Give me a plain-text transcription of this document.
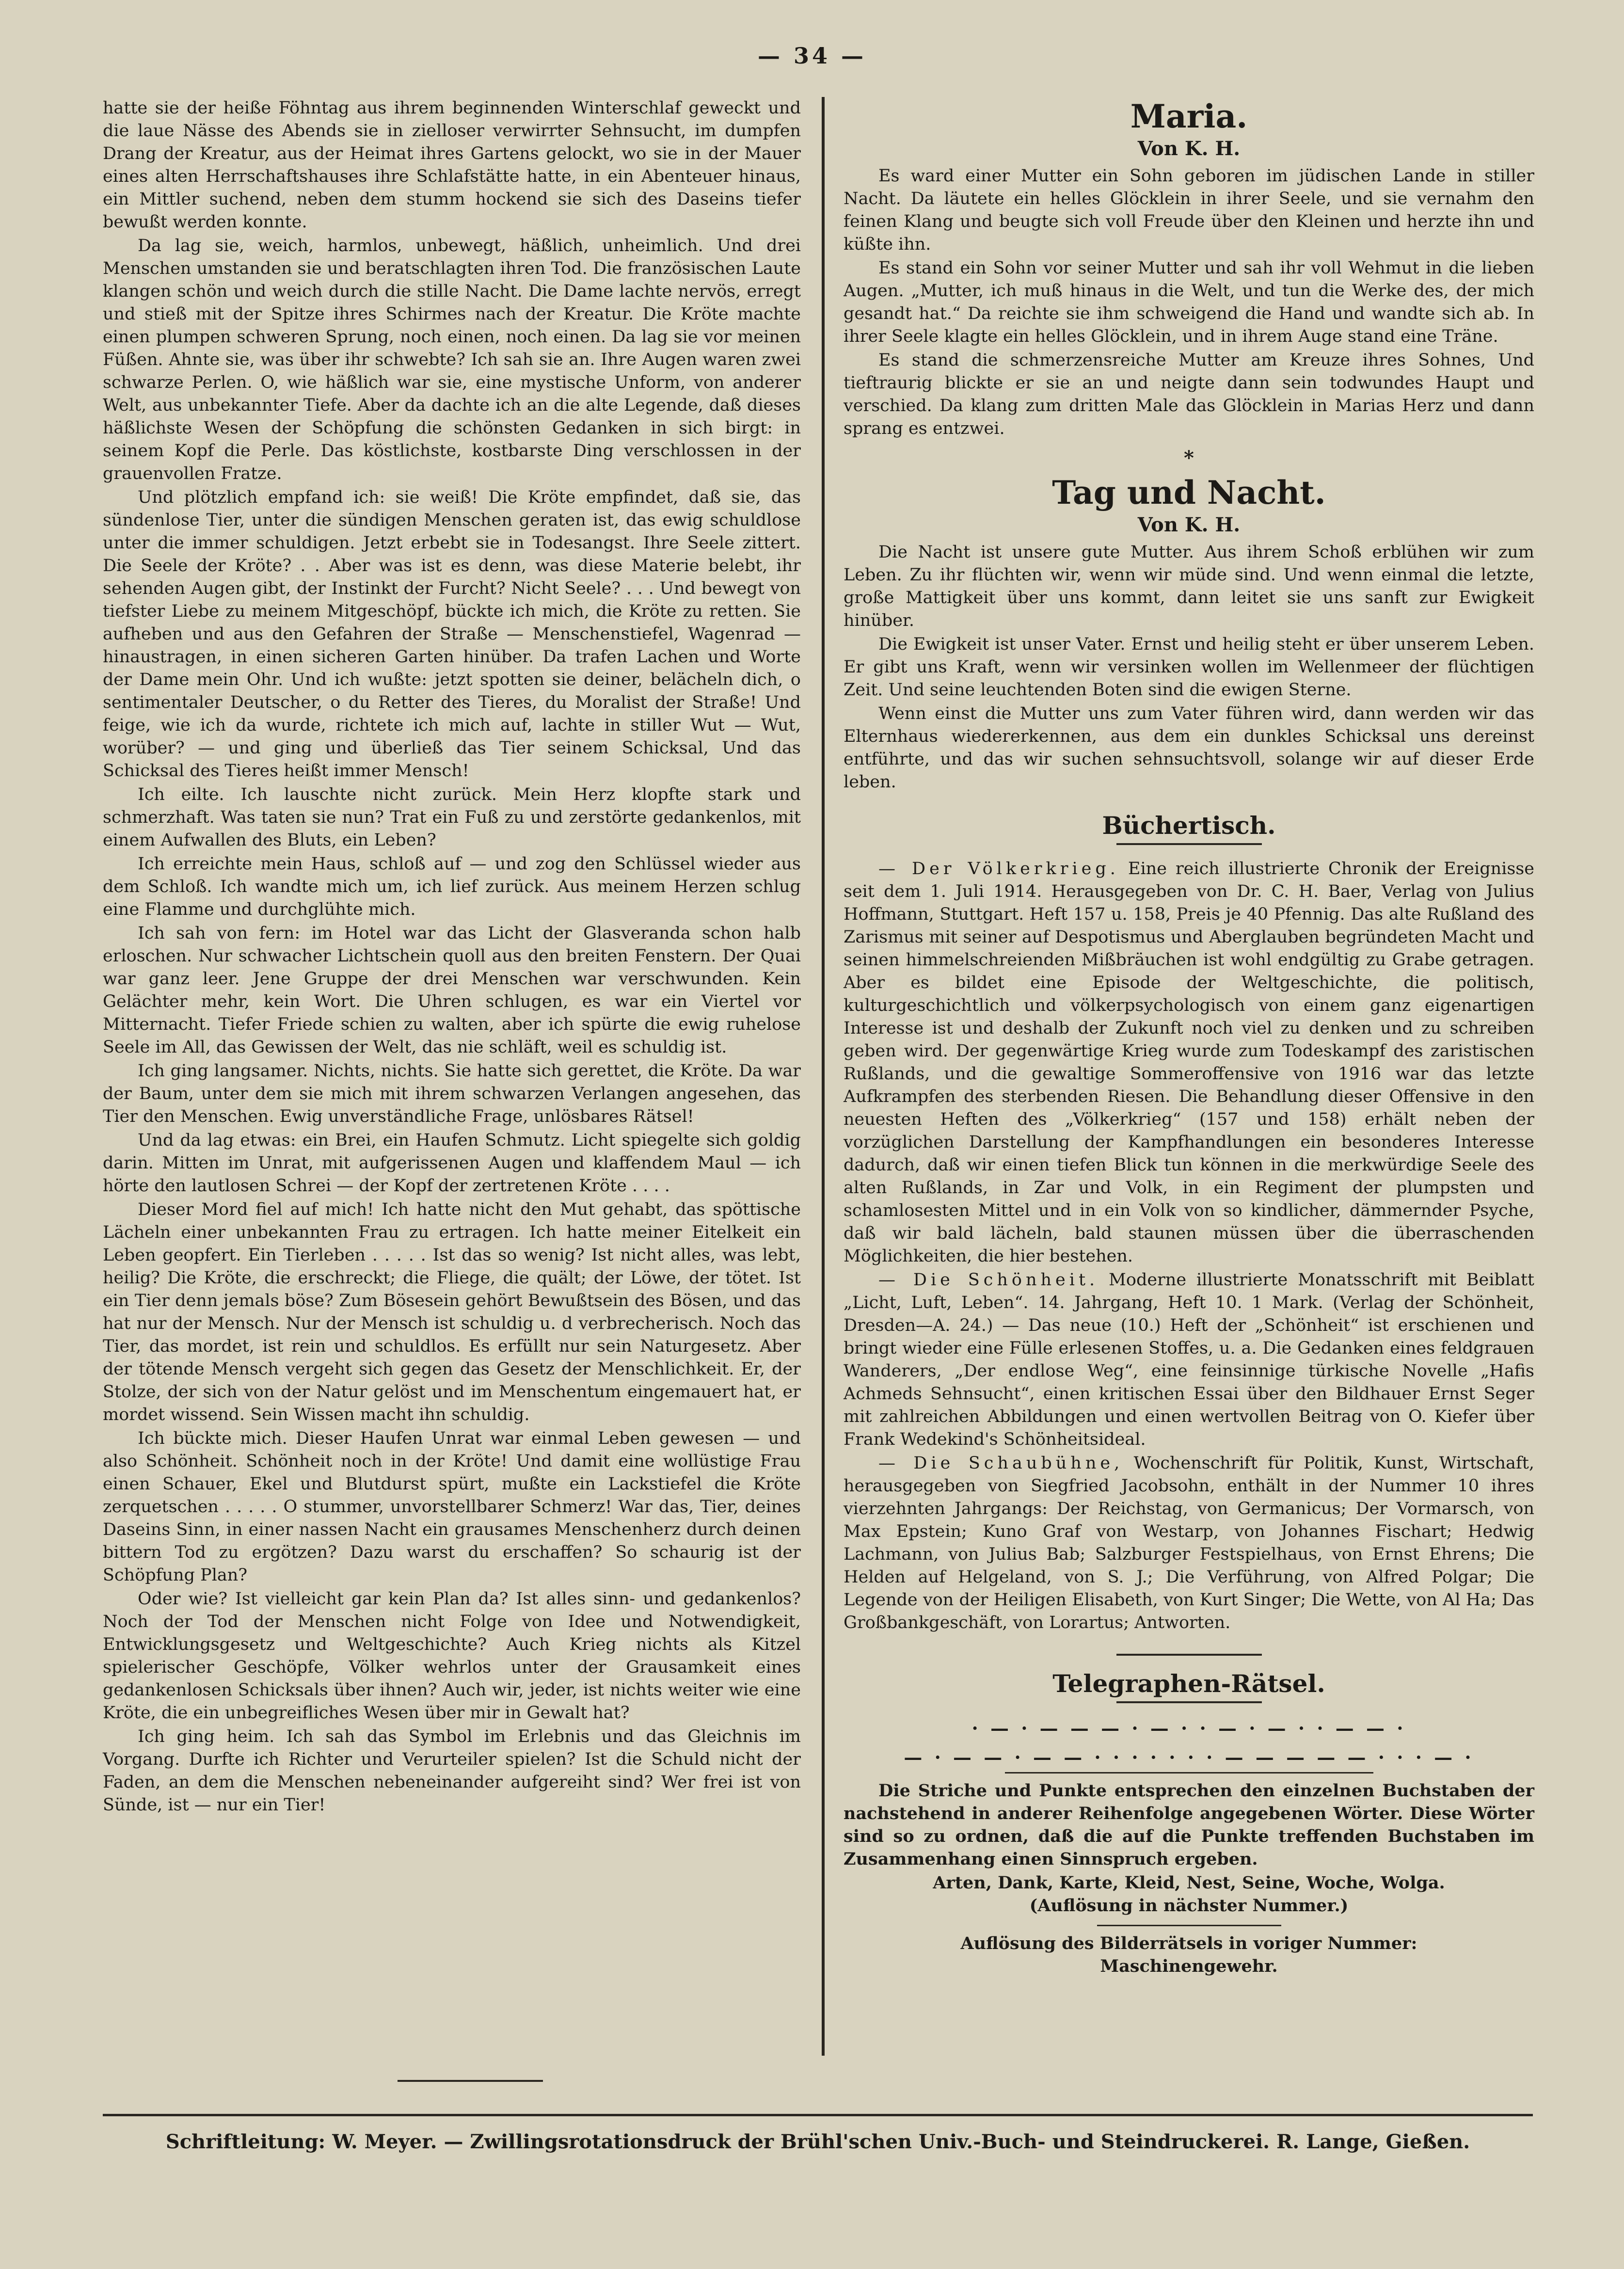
— 34 —

hatte sie der heiße Föhntag aus ihrem beginnenden Winterschlaf geweckt und die laue Nässe des Abends sie in zielloser verwirrter Sehnsucht, im dumpfen Drang der Kreatur, aus der Heimat ihres Gartens gelockt, wo sie in der Mauer eines alten Herrschaftshauses ihre Schlafstätte hatte, in ein Abenteuer hinaus, ein Mittler suchend, neben dem stumm hockend sie sich des Daseins tiefer bewußt werden konnte.

Da lag sie, weich, harmlos, unbewegt, häßlich, unheimlich. Und drei Menschen umstanden sie und beratschlagten ihren Tod. Die französischen Laute klangen schön und weich durch die stille Nacht. Die Dame lachte nervös, erregt und stieß mit der Spitze ihres Schirmes nach der Kreatur. Die Kröte machte einen plumpen schweren Sprung, noch einen, noch einen. Da lag sie vor meinen Füßen. Ahnte sie, was über ihr schwebte? Ich sah sie an. Ihre Augen waren zwei schwarze Perlen. O, wie häßlich war sie, eine mystische Unform, von anderer Welt, aus unbekannter Tiefe. Aber da dachte ich an die alte Legende, daß dieses häßlichste Wesen der Schöpfung die schönsten Gedanken in sich birgt: in seinem Kopf die Perle. Das köstlichste, kostbarste Ding verschlossen in der grauenvollen Fratze.

Und plötzlich empfand ich: sie weiß! Die Kröte empfindet, daß sie, das sündenlose Tier, unter die sündigen Menschen geraten ist, das ewig schuldlose unter die immer schuldigen. Jetzt erbebt sie in Todesangst. Ihre Seele zittert. Die Seele der Kröte? . . Aber was ist es denn, was diese Materie belebt, ihr sehenden Augen gibt, der Instinkt der Furcht? Nicht Seele? . . . Und bewegt von tiefster Liebe zu meinem Mitgeschöpf, bückte ich mich, die Kröte zu retten. Sie aufheben und aus den Gefahren der Straße — Menschenstiefel, Wagenrad — hinaustragen, in einen sicheren Garten hinüber. Da trafen Lachen und Worte der Dame mein Ohr. Und ich wußte: jetzt spotten sie deiner, belächeln dich, o sentimentaler Deutscher, o du Retter des Tieres, du Moralist der Straße! Und feige, wie ich da wurde, richtete ich mich auf, lachte in stiller Wut — Wut, worüber? — und ging und überließ das Tier seinem Schicksal, Und das Schicksal des Tieres heißt immer Mensch!

Ich eilte. Ich lauschte nicht zurück. Mein Herz klopfte stark und schmerzhaft. Was taten sie nun? Trat ein Fuß zu und zerstörte gedankenlos, mit einem Aufwallen des Bluts, ein Leben?

Ich erreichte mein Haus, schloß auf — und zog den Schlüssel wieder aus dem Schloß. Ich wandte mich um, ich lief zurück. Aus meinem Herzen schlug eine Flamme und durchglühte mich.

Ich sah von fern: im Hotel war das Licht der Glasveranda schon halb erloschen. Nur schwacher Lichtschein quoll aus den breiten Fenstern. Der Quai war ganz leer. Jene Gruppe der drei Menschen war verschwunden. Kein Gelächter mehr, kein Wort. Die Uhren schlugen, es war ein Viertel vor Mitternacht. Tiefer Friede schien zu walten, aber ich spürte die ewig ruhelose Seele im All, das Gewissen der Welt, das nie schläft, weil es schuldig ist.

Ich ging langsamer. Nichts, nichts. Sie hatte sich gerettet, die Kröte. Da war der Baum, unter dem sie mich mit ihrem schwarzen Verlangen angesehen, das Tier den Menschen. Ewig unverständliche Frage, unlösbares Rätsel!

Und da lag etwas: ein Brei, ein Haufen Schmutz. Licht spiegelte sich goldig darin. Mitten im Unrat, mit aufgerissenen Augen und klaffendem Maul — ich hörte den lautlosen Schrei — der Kopf der zertretenen Kröte . . . .

Dieser Mord fiel auf mich! Ich hatte nicht den Mut gehabt, das spöttische Lächeln einer unbekannten Frau zu ertragen. Ich hatte meiner Eitelkeit ein Leben geopfert. Ein Tierleben . . . . . Ist das so wenig? Ist nicht alles, was lebt, heilig? Die Kröte, die erschreckt; die Fliege, die quält; der Löwe, der tötet. Ist ein Tier denn jemals böse? Zum Bösesein gehört Bewußtsein des Bösen, und das hat nur der Mensch. Nur der Mensch ist schuldig u. d verbrecherisch. Noch das Tier, das mordet, ist rein und schuldlos. Es erfüllt nur sein Naturgesetz. Aber der tötende Mensch vergeht sich gegen das Gesetz der Menschlichkeit. Er, der Stolze, der sich von der Natur gelöst und im Menschentum eingemauert hat, er mordet wissend. Sein Wissen macht ihn schuldig.

Ich bückte mich. Dieser Haufen Unrat war einmal Leben gewesen — und also Schönheit. Schönheit noch in der Kröte! Und damit eine wollüstige Frau einen Schauer, Ekel und Blutdurst spürt, mußte ein Lackstiefel die Kröte zerquetschen . . . . . O stummer, unvorstellbarer Schmerz! War das, Tier, deines Daseins Sinn, in einer nassen Nacht ein grausames Menschenherz durch deinen bittern Tod zu ergötzen? Dazu warst du erschaffen? So schaurig ist der Schöpfung Plan?

Oder wie? Ist vielleicht gar kein Plan da? Ist alles sinn- und gedankenlos? Noch der Tod der Menschen nicht Folge von Idee und Notwendigkeit, Entwicklungsgesetz und Weltgeschichte? Auch Krieg nichts als Kitzel spielerischer Geschöpfe, Völker wehrlos unter der Grausamkeit eines gedankenlosen Schicksals über ihnen? Auch wir, jeder, ist nichts weiter wie eine Kröte, die ein unbegreifliches Wesen über mir in Gewalt hat?

Ich ging heim. Ich sah das Symbol im Erlebnis und das Gleichnis im Vorgang. Durfte ich Richter und Verurteiler spielen? Ist die Schuld nicht der Faden, an dem die Menschen nebeneinander aufgereiht sind? Wer frei ist von Sünde, ist — nur ein Tier!

Maria.

Von K. H.

Es ward einer Mutter ein Sohn geboren im jüdischen Lande in stiller Nacht. Da läutete ein helles Glöcklein in ihrer Seele, und sie vernahm den feinen Klang und beugte sich voll Freude über den Kleinen und herzte ihn und küßte ihn.

Es stand ein Sohn vor seiner Mutter und sah ihr voll Wehmut in die lieben Augen. „Mutter, ich muß hinaus in die Welt, und tun die Werke des, der mich gesandt hat.“ Da reichte sie ihm schweigend die Hand und wandte sich ab. In ihrer Seele klagte ein helles Glöcklein, und in ihrem Auge stand eine Träne.

Es stand die schmerzensreiche Mutter am Kreuze ihres Sohnes, Und tieftraurig blickte er sie an und neigte dann sein todwundes Haupt und verschied. Da klang zum dritten Male das Glöcklein in Marias Herz und dann sprang es entzwei.

*

Tag und Nacht.

Von K. H.

Die Nacht ist unsere gute Mutter. Aus ihrem Schoß erblühen wir zum Leben. Zu ihr flüchten wir, wenn wir müde sind. Und wenn einmal die letzte, große Mattigkeit über uns kommt, dann leitet sie uns sanft zur Ewigkeit hinüber.

Die Ewigkeit ist unser Vater. Ernst und heilig steht er über unserem Leben. Er gibt uns Kraft, wenn wir versinken wollen im Wellenmeer der flüchtigen Zeit. Und seine leuchtenden Boten sind die ewigen Sterne.

Wenn einst die Mutter uns zum Vater führen wird, dann werden wir das Elternhaus wiedererkennen, aus dem ein dunkles Schicksal uns dereinst entführte, und das wir suchen sehnsuchtsvoll, solange wir auf dieser Erde leben.

Büchertisch.

— Der Völkerkrieg. Eine reich illustrierte Chronik der Ereignisse seit dem 1. Juli 1914. Herausgegeben von Dr. C. H. Baer, Verlag von Julius Hoffmann, Stuttgart. Heft 157 u. 158, Preis je 40 Pfennig. Das alte Rußland des Zarismus mit seiner auf Despotismus und Aberglauben begründeten Macht und seinen himmelschreienden Mißbräuchen ist wohl endgültig zu Grabe getragen. Aber es bildet eine Episode der Weltgeschichte, die politisch, kulturgeschichtlich und völkerpsychologisch von einem ganz eigenartigen Interesse ist und deshalb der Zukunft noch viel zu denken und zu schreiben geben wird. Der gegenwärtige Krieg wurde zum Todeskampf des zaristischen Rußlands, und die gewaltige Sommeroffensive von 1916 war das letzte Aufkrampfen des sterbenden Riesen. Die Behandlung dieser Offensive in den neuesten Heften des „Völkerkrieg“ (157 und 158) erhält neben der vorzüglichen Darstellung der Kampfhandlungen ein besonderes Interesse dadurch, daß wir einen tiefen Blick tun können in die merkwürdige Seele des alten Rußlands, in Zar und Volk, in ein Regiment der plumpsten und schamlosesten Mittel und in ein Volk von so kindlicher, dämmernder Psyche, daß wir bald lächeln, bald staunen müssen über die überraschenden Möglichkeiten, die hier bestehen.

— Die Schönheit. Moderne illustrierte Monatsschrift mit Beiblatt „Licht, Luft, Leben“. 14. Jahrgang, Heft 10. 1 Mark. (Verlag der Schönheit, Dresden—A. 24.) — Das neue (10.) Heft der „Schönheit“ ist erschienen und bringt wieder eine Fülle erlesenen Stoffes, u. a. Die Gedanken eines feldgrauen Wanderers, „Der endlose Weg“, eine feinsinnige türkische Novelle „Hafis Achmeds Sehnsucht“, einen kritischen Essai über den Bildhauer Ernst Seger mit zahlreichen Abbildungen und einen wertvollen Beitrag von O. Kiefer über Frank Wedekind's Schönheitsideal.

— Die Schaubühne, Wochenschrift für Politik, Kunst, Wirtschaft, herausgegeben von Siegfried Jacobsohn, enthält in der Nummer 10 ihres vierzehnten Jahrgangs: Der Reichstag, von Germanicus; Der Vormarsch, von Max Epstein; Kuno Graf von Westarp, von Johannes Fischart; Hedwig Lachmann, von Julius Bab; Salzburger Festspielhaus, von Ernst Ehrens; Die Helden auf Helgeland, von S. J.; Die Verführung, von Alfred Polgar; Die Legende von der Heiligen Elisabeth, von Kurt Singer; Die Wette, von Al Ha; Das Großbankgeschäft, von Lorartus; Antworten.

Telegraphen-Rätsel.

· — · — — — · — · · — · — · · — — ·

— · — — · — — · · · · · · · — — — — — · · · — ·

Die Striche und Punkte entsprechen den einzelnen Buchstaben der nachstehend in anderer Reihenfolge angegebenen Wörter. Diese Wörter sind so zu ordnen, daß die auf die Punkte treffenden Buchstaben im Zusammenhang einen Sinnspruch ergeben.

Arten, Dank, Karte, Kleid, Nest, Seine, Woche, Wolga.

(Auflösung in nächster Nummer.)

Auflösung des Bilderrätsels in voriger Nummer:

Maschinengewehr.

Schriftleitung: W. Meyer. — Zwillingsrotationsdruck der Brühl'schen Univ.-Buch- und Steindruckerei. R. Lange, Gießen.
